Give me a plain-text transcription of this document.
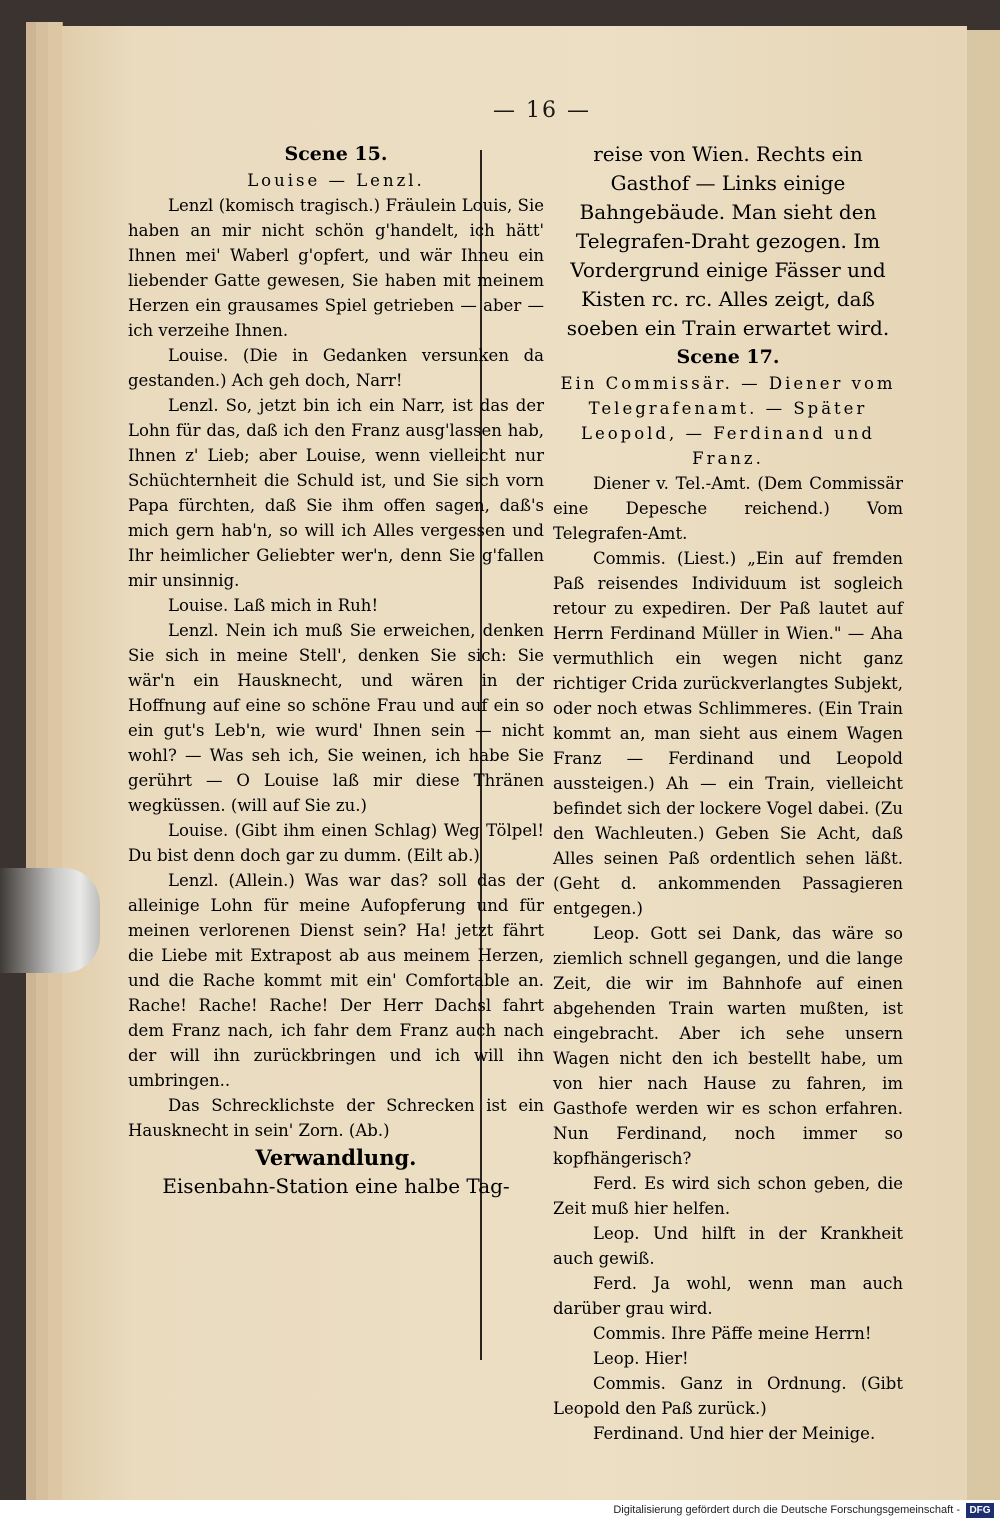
— 16 —

Scene 15.

Louise — Lenzl.

Lenzl (komisch tragisch.) Fräulein Louis, Sie haben an mir nicht schön g'handelt, ich hätt' Ihnen mei' Waberl g'opfert, und wär Ihneu ein liebender Gatte gewesen, Sie haben mit meinem Herzen ein grausames Spiel getrieben — aber — ich verzeihe Ihnen.

Louise. (Die in Gedanken versunken da gestanden.) Ach geh doch, Narr!

Lenzl. So, jetzt bin ich ein Narr, ist das der Lohn für das, daß ich den Franz ausg'lassen hab, Ihnen z' Lieb; aber Louise, wenn vielleicht nur Schüchternheit die Schuld ist, und Sie sich vorn Papa fürchten, daß Sie ihm offen sagen, daß's mich gern hab'n, so will ich Alles vergessen und Ihr heimlicher Geliebter wer'n, denn Sie g'fallen mir unsinnig.

Louise. Laß mich in Ruh!

Lenzl. Nein ich muß Sie erweichen, denken Sie sich in meine Stell', denken Sie sich: Sie wär'n ein Hausknecht, und wären in der Hoffnung auf eine so schöne Frau und auf ein so ein gut's Leb'n, wie wurd' Ihnen sein — nicht wohl? — Was seh ich, Sie weinen, ich habe Sie gerührt — O Louise laß mir diese Thränen wegküssen. (will auf Sie zu.)

Louise. (Gibt ihm einen Schlag) Weg Tölpel! Du bist denn doch gar zu dumm. (Eilt ab.)

Lenzl. (Allein.) Was war das? soll das der alleinige Lohn für meine Aufopferung und für meinen verlorenen Dienst sein? Ha! jetzt fährt die Liebe mit Extrapost ab aus meinem Herzen, und die Rache kommt mit ein' Comfortable an. Rache! Rache! Rache! Der Herr Dachsl fahrt dem Franz nach, ich fahr dem Franz auch nach der will ihn zurückbringen und ich will ihn umbringen..

Das Schrecklichste der Schrecken ist ein Hausknecht in sein' Zorn. (Ab.)

Verwandlung.

Eisenbahn-Station eine halbe Tag-

reise von Wien. Rechts ein Gasthof — Links einige Bahngebäude. Man sieht den Telegrafen-Draht gezogen. Im Vordergrund einige Fässer und Kisten rc. rc. Alles zeigt, daß soeben ein Train erwartet wird.

Scene 17.

Ein Commissär. — Diener vom Telegrafenamt. — Später Leopold, — Ferdinand und Franz.

Diener v. Tel.-Amt. (Dem Commissär eine Depesche reichend.) Vom Telegrafen-Amt.

Commis. (Liest.) „Ein auf fremden Paß reisendes Individuum ist sogleich retour zu expediren. Der Paß lautet auf Herrn Ferdinand Müller in Wien." — Aha vermuthlich ein wegen nicht ganz richtiger Crida zurückverlangtes Subjekt, oder noch etwas Schlimmeres. (Ein Train kommt an, man sieht aus einem Wagen Franz — Ferdinand und Leopold aussteigen.) Ah — ein Train, vielleicht befindet sich der lockere Vogel dabei. (Zu den Wachleuten.) Geben Sie Acht, daß Alles seinen Paß ordentlich sehen läßt. (Geht d. ankommenden Passagieren entgegen.)

Leop. Gott sei Dank, das wäre so ziemlich schnell gegangen, und die lange Zeit, die wir im Bahnhofe auf einen abgehenden Train warten mußten, ist eingebracht. Aber ich sehe unsern Wagen nicht den ich bestellt habe, um von hier nach Hause zu fahren, im Gasthofe werden wir es schon erfahren. Nun Ferdinand, noch immer so kopfhängerisch?

Ferd. Es wird sich schon geben, die Zeit muß hier helfen.

Leop. Und hilft in der Krankheit auch gewiß.

Ferd. Ja wohl, wenn man auch darüber grau wird.

Commis. Ihre Päffe meine Herrn!

Leop. Hier!

Commis. Ganz in Ordnung. (Gibt Leopold den Paß zurück.)

Ferdinand. Und hier der Meinige.

Digitalisierung gefördert durch die Deutsche Forschungsgemeinschaft - DFG
